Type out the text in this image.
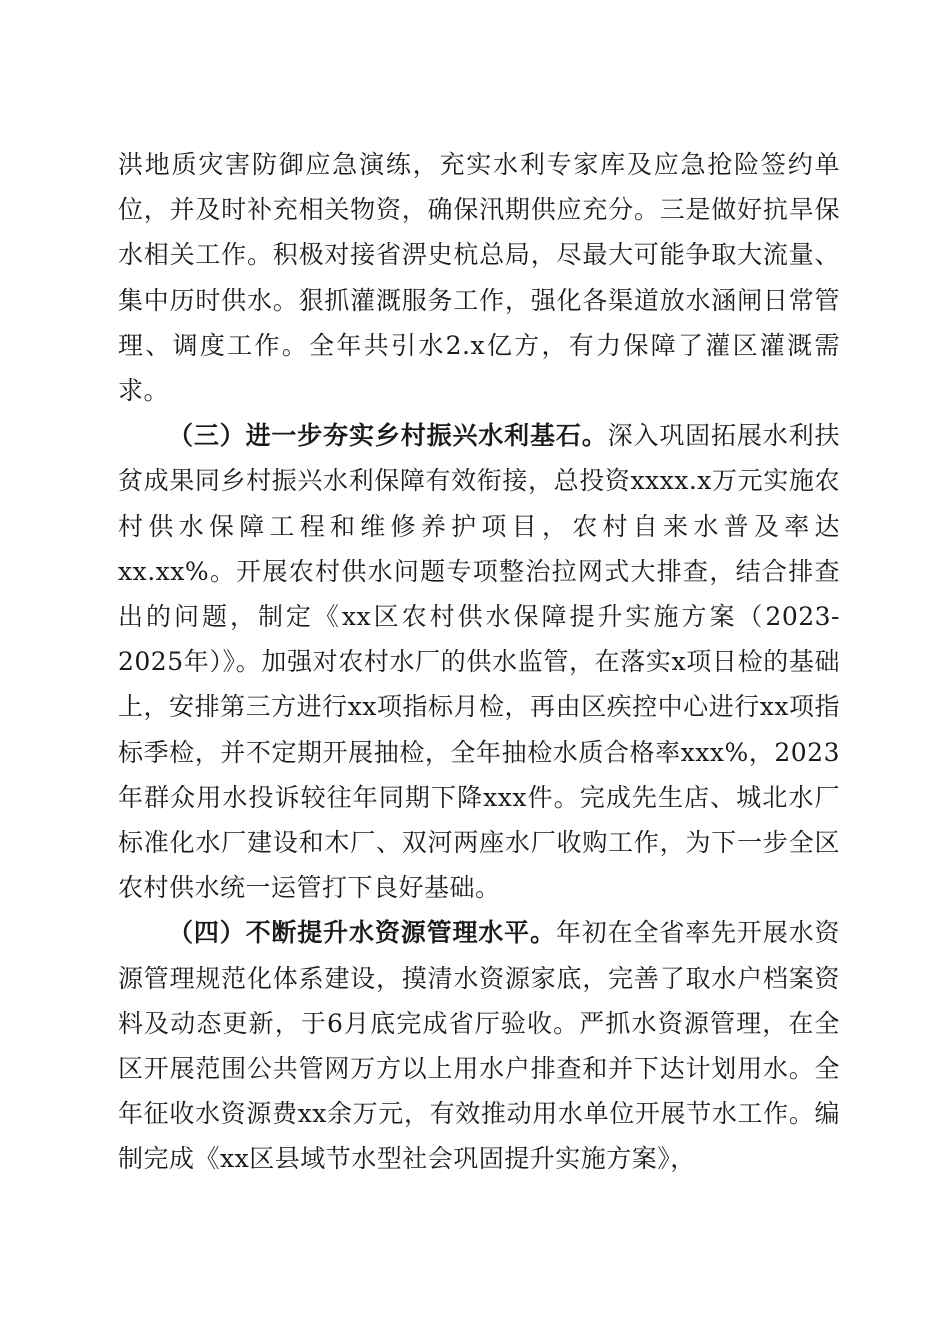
洪地质灾害防御应急演练，充实水利专家库及应急抢险签约单位，并及时补充相关物资，确保汛期供应充分。三是做好抗旱保水相关工作。积极对接省淠史杭总局，尽最大可能争取大流量、集中历时供水。狠抓灌溉服务工作，强化各渠道放水涵闸日常管理、调度工作。全年共引水2.x亿方，有力保障了灌区灌溉需求。

（三）进一步夯实乡村振兴水利基石。深入巩固拓展水利扶贫成果同乡村振兴水利保障有效衔接，总投资xxxx.x万元实施农村供水保障工程和维修养护项目，农村自来水普及率达xx.xx%。开展农村供水问题专项整治拉网式大排查，结合排查出的问题，制定《xx区农村供水保障提升实施方案（2023-2025年）》。加强对农村水厂的供水监管，在落实x项日检的基础上，安排第三方进行xx项指标月检，再由区疾控中心进行xx项指标季检，并不定期开展抽检，全年抽检水质合格率xxx%，2023年群众用水投诉较往年同期下降xxx件。完成先生店、城北水厂标准化水厂建设和木厂、双河两座水厂收购工作，为下一步全区农村供水统一运管打下良好基础。

（四）不断提升水资源管理水平。年初在全省率先开展水资源管理规范化体系建设，摸清水资源家底，完善了取水户档案资料及动态更新，于6月底完成省厅验收。严抓水资源管理，在全区开展范围公共管网万方以上用水户排查和并下达计划用水。全年征收水资源费xx余万元，有效推动用水单位开展节水工作。编制完成《xx区县域节水型社会巩固提升实施方案》，
